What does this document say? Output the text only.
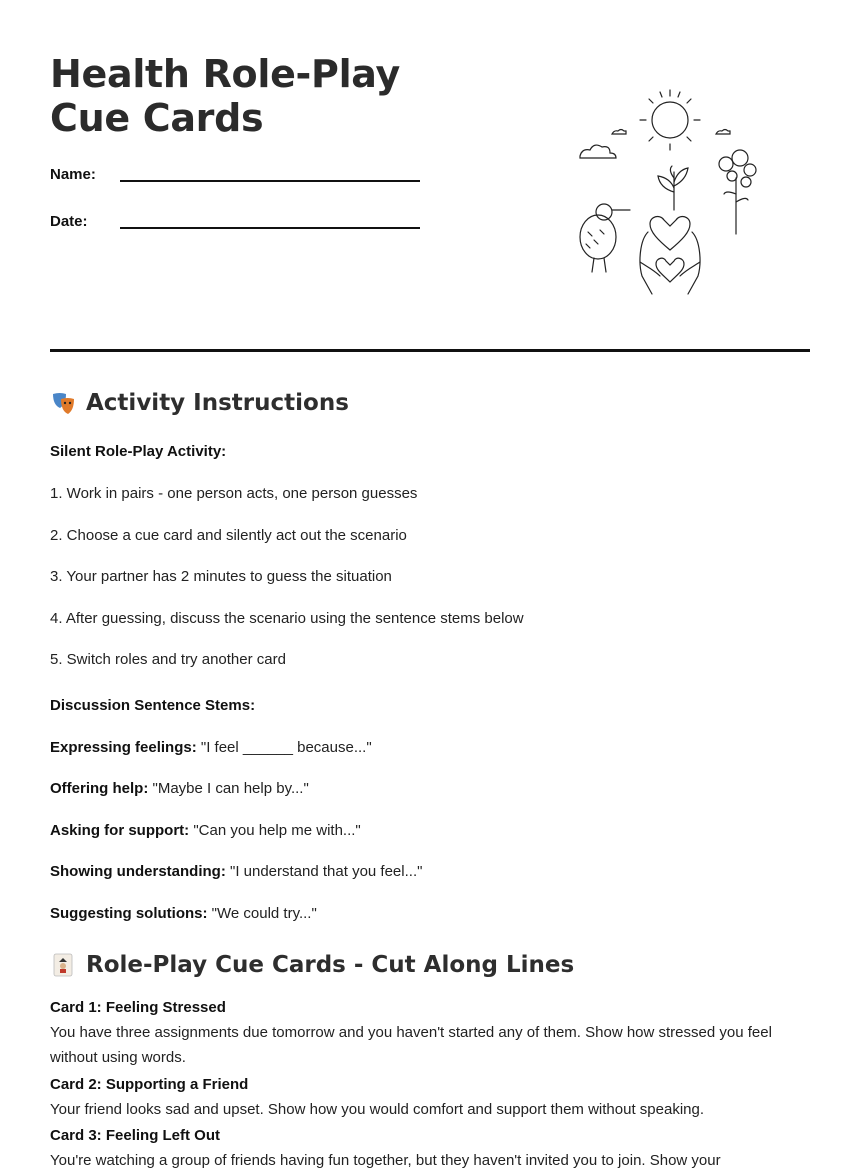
Health Role-Play Cue Cards
Name:
Date:
Activity Instructions
Silent Role-Play Activity:
1. Work in pairs - one person acts, one person guesses
2. Choose a cue card and silently act out the scenario
3. Your partner has 2 minutes to guess the situation
4. After guessing, discuss the scenario using the sentence stems below
5. Switch roles and try another card
Discussion Sentence Stems:
Expressing feelings: "I feel ______ because..."
Offering help: "Maybe I can help by..."
Asking for support: "Can you help me with..."
Showing understanding: "I understand that you feel..."
Suggesting solutions: "We could try..."
Role-Play Cue Cards - Cut Along Lines
Card 1: Feeling Stressed
You have three assignments due tomorrow and you haven't started any of them. Show how stressed you feel without using words.
Card 2: Supporting a Friend
Your friend looks sad and upset. Show how you would comfort and support them without speaking.
Card 3: Feeling Left Out
You're watching a group of friends having fun together, but they haven't invited you to join. Show your
